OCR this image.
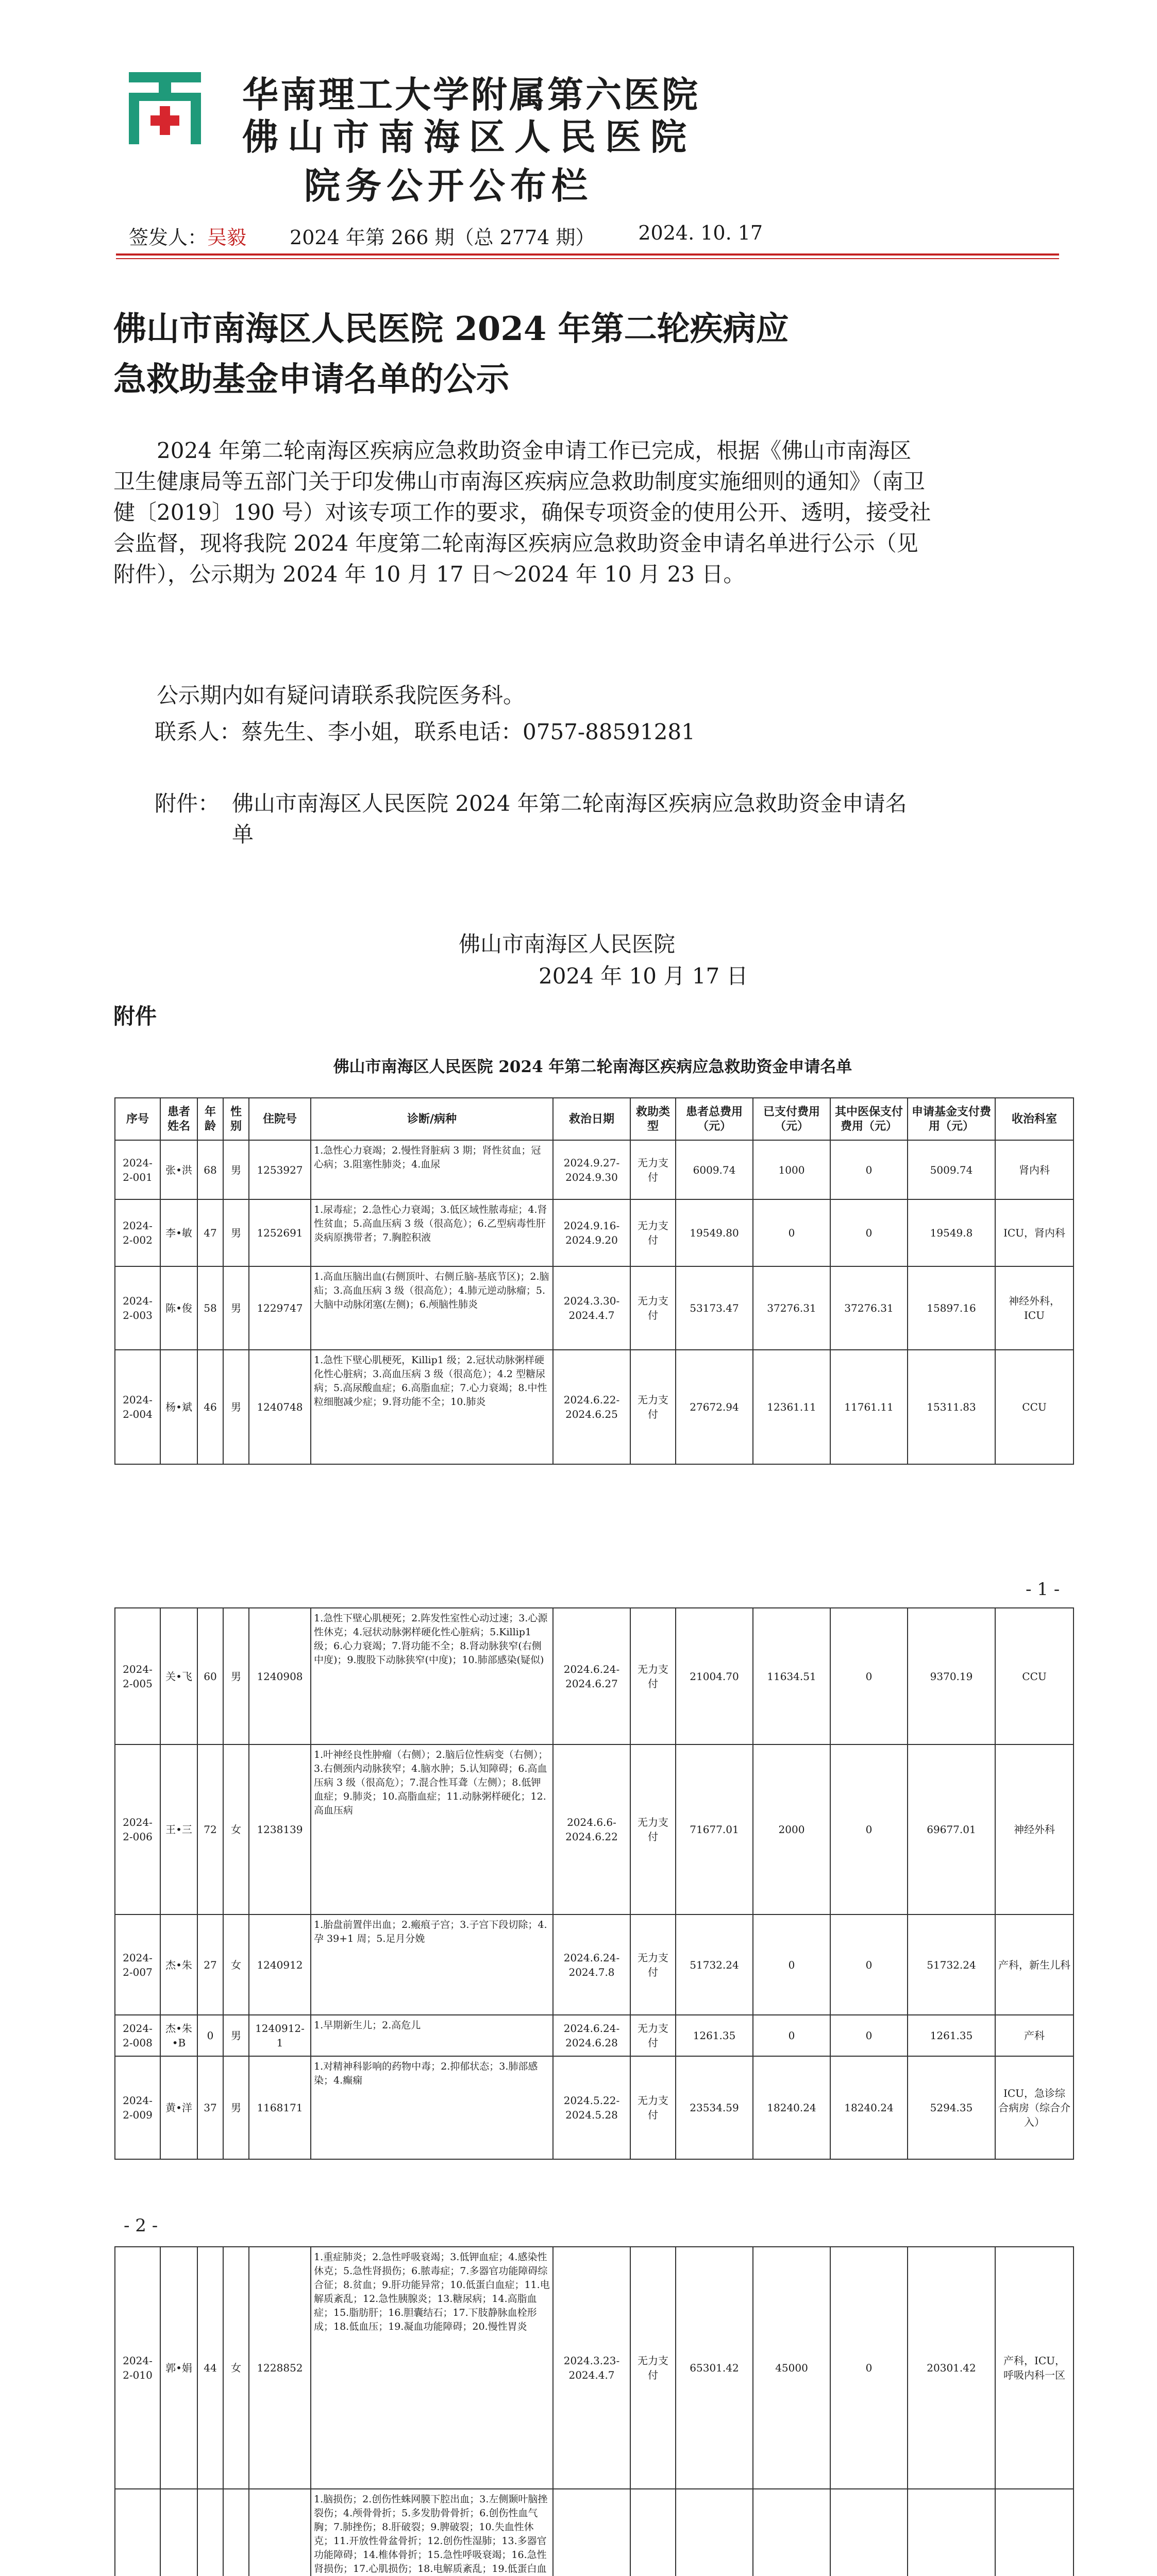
华南理工大学附属第六医院
佛山市南海区人民医院
院务公开公布栏
签发人： 吴毅 2024 年第 266 期（总 2774 期） 2024. 10. 17
佛山市南海区人民医院 2024 年第二轮疾病应
急救助基金申请名单的公示

2024 年第二轮南海区疾病应急救助资金申请工作已完成，根据《佛山市南海区卫生健康局等五部门关于印发佛山市南海区疾病应急救助制度实施细则的通知》（南卫健〔2019〕190 号）对该专项工作的要求，确保专项资金的使用公开、透明，接受社会监督，现将我院 2024 年度第二轮南海区疾病应急救助资金申请名单进行公示（见附件），公示期为 2024 年 10 月 17 日～2024 年 10 月 23 日。

公示期内如有疑问请联系我院医务科。

联系人：蔡先生、李小姐，联系电话：0757-88591281
附件： 佛山市南海区人民医院 2024 年第二轮南海区疾病应急救助资金申请名单
佛山市南海区人民医院
2024 年 10 月 17 日
附件
佛山市南海区人民医院 2024 年第二轮南海区疾病应急救助资金申请名单
序号	患者姓名	年龄	性别	住院号	诊断/病种	救治日期	救助类型	患者总费用（元）	已支付费用（元）	其中医保支付费用（元）	申请基金支付费用（元）	收治科室
2024-2-001	张•洪	68	男	1253927	1.急性心力衰竭；2.慢性肾脏病 3 期；肾性贫血；冠心病；3.阻塞性肺炎；4.血尿	2024.9.27-2024.9.30	无力支付	6009.74	1000	0	5009.74	肾内科
2024-2-002	李•敏	47	男	1252691	1.尿毒症；2.急性心力衰竭；3.低区域性脓毒症；4.肾性贫血；5.高血压病 3 级（很高危）；6.乙型病毒性肝炎病原携带者；7.胸腔积液	2024.9.16-2024.9.20	无力支付	19549.80	0	0	19549.8	ICU，肾内科
2024-2-003	陈•俊	58	男	1229747	1.高血压脑出血(右侧顶叶、右侧丘脑-基底节区)；2.脑疝；3.高血压病 3 级（很高危）；4.肺元逆动脉瘤；5.大脑中动脉闭塞(左侧)；6.颅脑性肺炎	2024.3.30-2024.4.7	无力支付	53173.47	37276.31	37276.31	15897.16	神经外科，ICU
2024-2-004	杨•斌	46	男	1240748	1.急性下壁心肌梗死，Killip1 级；2.冠状动脉粥样硬化性心脏病；3.高血压病 3 级（很高危）；4.2 型糖尿病；5.高尿酸血症；6.高脂血症；7.心力衰竭；8.中性粒细胞减少症；9.肾功能不全；10.肺炎	2024.6.22-2024.6.25	无力支付	27672.94	12361.11	11761.11	15311.83	CCU
- 1 -
2024-2-005	关•飞	60	男	1240908	1.急性下壁心肌梗死；2.阵发性室性心动过速；3.心源性休克；4.冠状动脉粥样硬化性心脏病；5.Killip1 级；6.心力衰竭；7.肾功能不全；8.肾动脉狭窄(右侧中度)；9.腹股下动脉狭窄(中度)；10.肺部感染(疑似)	2024.6.24-2024.6.27	无力支付	21004.70	11634.51	0	9370.19	CCU
2024-2-006	王•三	72	女	1238139	1.叶神经良性肿瘤（右侧）；2.脑后位性病变（右侧）；3.右侧颈内动脉狭窄；4.脑水肿；5.认知障碍；6.高血压病 3 级（很高危）；7.混合性耳聋（左侧）；8.低钾血症；9.肺炎；10.高脂血症；11.动脉粥样硬化；12.高血压病	2024.6.6-2024.6.22	无力支付	71677.01	2000	0	69677.01	神经外科
2024-2-007	杰•朱	27	女	1240912	1.胎盘前置伴出血；2.瘢痕子宫；3.子宫下段切除；4.孕 39+1 周；5.足月分娩	2024.6.24-2024.7.8	无力支付	51732.24	0	0	51732.24	产科，新生儿科
2024-2-008	杰•朱•B	0	男	1240912-1	1.早期新生儿；2.高危儿	2024.6.24-2024.6.28	无力支付	1261.35	0	0	1261.35	产科
2024-2-009	黄•洋	37	男	1168171	1.对精神科影响的药物中毒；2.抑郁状态；3.肺部感染；4.癫痫	2024.5.22-2024.5.28	无力支付	23534.59	18240.24	18240.24	5294.35	ICU，急诊综合病房（综合介入）
- 2 -
2024-2-010	郭•娟	44	女	1228852	1.重症肺炎；2.急性呼吸衰竭；3.低钾血症；4.感染性休克；5.急性肾损伤；6.脓毒症；7.多器官功能障碍综合征；8.贫血；9.肝功能异常；10.低蛋白血症；11.电解质紊乱；12.急性胰腺炎；13.糖尿病；14.高脂血症；15.脂肪肝；16.胆囊结石；17.下肢静脉血栓形成；18.低血压；19.凝血功能障碍；20.慢性胃炎	2024.3.23-2024.4.7	无力支付	65301.42	45000	0	20301.42	产科，ICU，呼吸内科一区
					1.脑损伤；2.创伤性蛛网膜下腔出血；3.左侧颞叶脑挫裂伤；4.颅骨骨折；5.多发肋骨骨折；6.创伤性血气胸；7.肺挫伤；8.肝破裂；9.脾破裂；10.失血性休克；11.开放性骨盆骨折；12.创伤性湿肺；13.多器官功能障碍；14.椎体骨折；15.急性呼吸衰竭；16.急性肾损伤；17.心肌损伤；18.电解质紊乱；19.低蛋白血							
